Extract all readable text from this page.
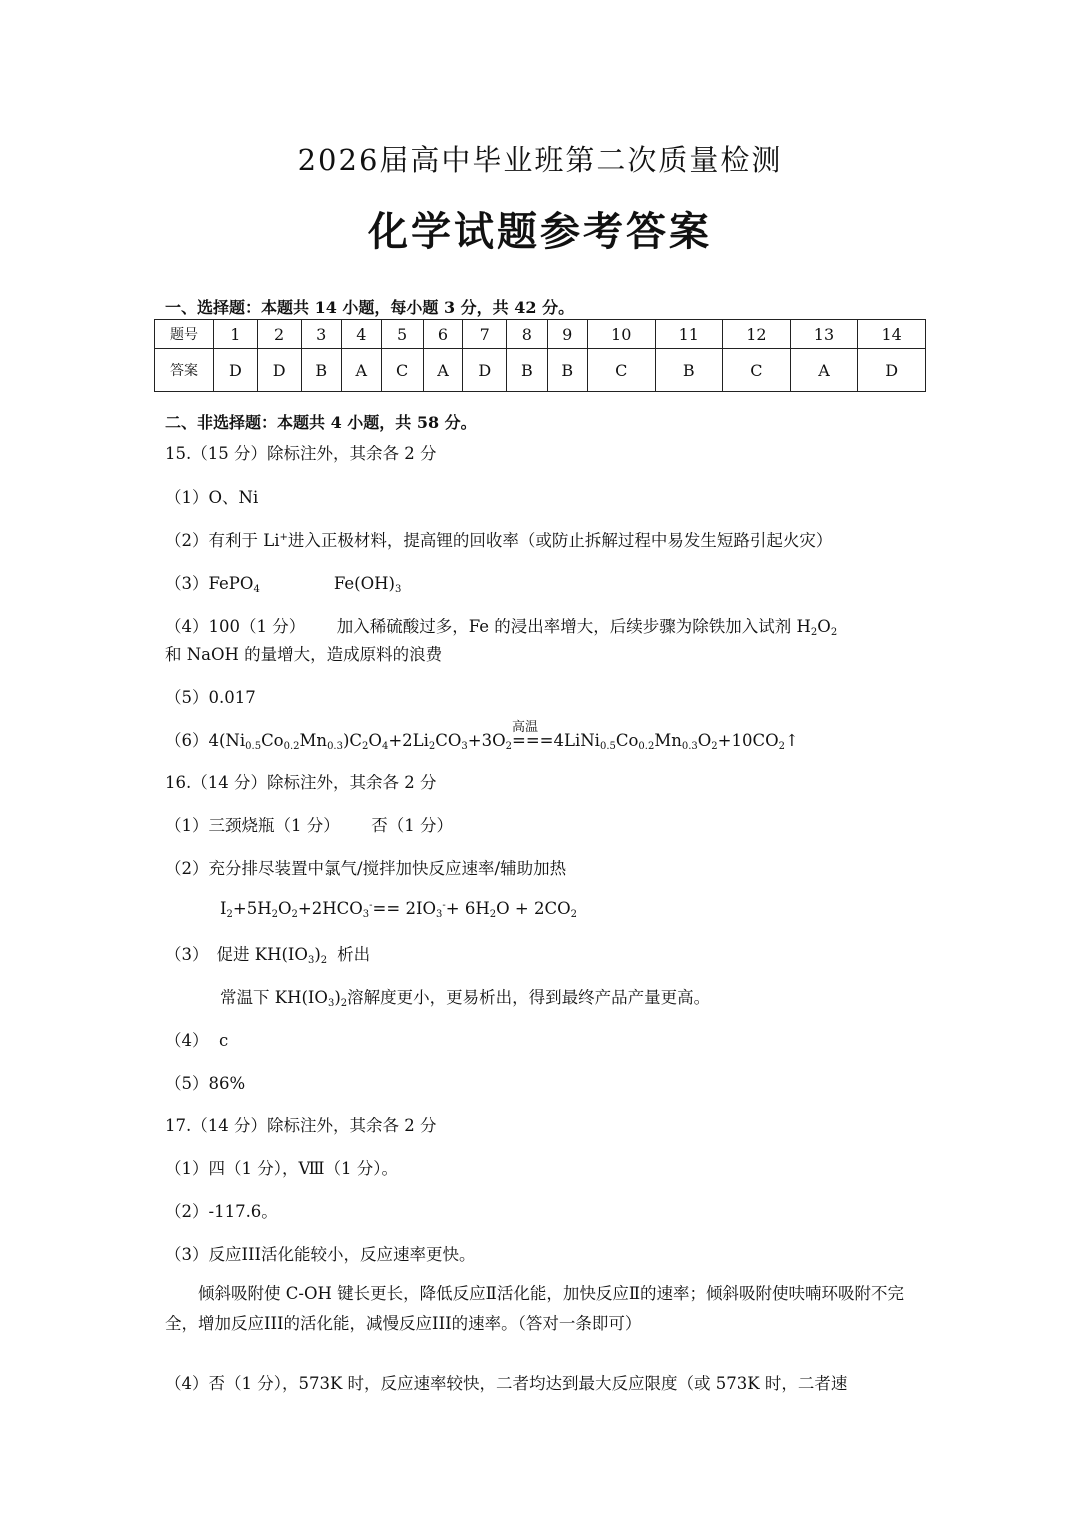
2026届高中毕业班第二次质量检测
化学试题参考答案
一、选择题：本题共 14 小题，每小题 3 分，共 42 分。
题号	1	2	3	4	5	6	7	8	9	10	11	12	13	14
答案	D	D	B	A	C	A	D	B	B	C	B	C	A	D
二、非选择题：本题共 4 小题，共 58 分。
15.（15 分）除标注外，其余各 2 分
（1）O、Ni
（2）有利于 Li+进入正极材料，提高锂的回收率（或防止拆解过程中易发生短路引起火灾）
（3）FePO$_4$	$Fe(OH)_3$
（4）100（1 分）      加入稀硫酸过多，Fe 的浸出率增大，后续步骤为除铁加入试剂 $H_2O_2$
和 NaOH 的量增大，造成原料的浪费
（5）0.017
$(6)4(Ni_{0.5}Co_{0.2}Mn_{0.3})C_2O_4+2Li_2CO_3+3O_2$
高温
$===4LiNi_{0.5}Co_{0.2}Mn_{0.3}O_2+10CO_2↑$
16.（14 分）除标注外，其余各 2 分
（1）三颈烧瓶（1 分）      否（1 分）
（2）充分排尽装置中氯气/搅拌加快反应速率/辅助加热
$I_2+5H_2O_2+2HCO_3^-== 2IO_3^-+ 6H_2O + 2CO_2$
（3） 促进 $KH(IO_3)_2$ 析出
常温下 $KH(IO_3)_2$溶解度更小，更易析出，得到最终产品产量更高。
（4）  c
（5）86%
17.（14 分）除标注外，其余各 2 分
（1）四（1 分），Ⅷ（1 分）。
（2）-117.6。
（3）反应III活化能较小，反应速率更快。
倾斜吸附使 C-OH 键长更长，降低反应Ⅱ活化能，加快反应Ⅱ的速率；倾斜吸附使呋喃环吸附不完全，增加反应III的活化能，减慢反应III的速率。（答对一条即可）
（4）否（1 分），573K 时，反应速率较快，二者均达到最大反应限度（或 573K 时，二者速
